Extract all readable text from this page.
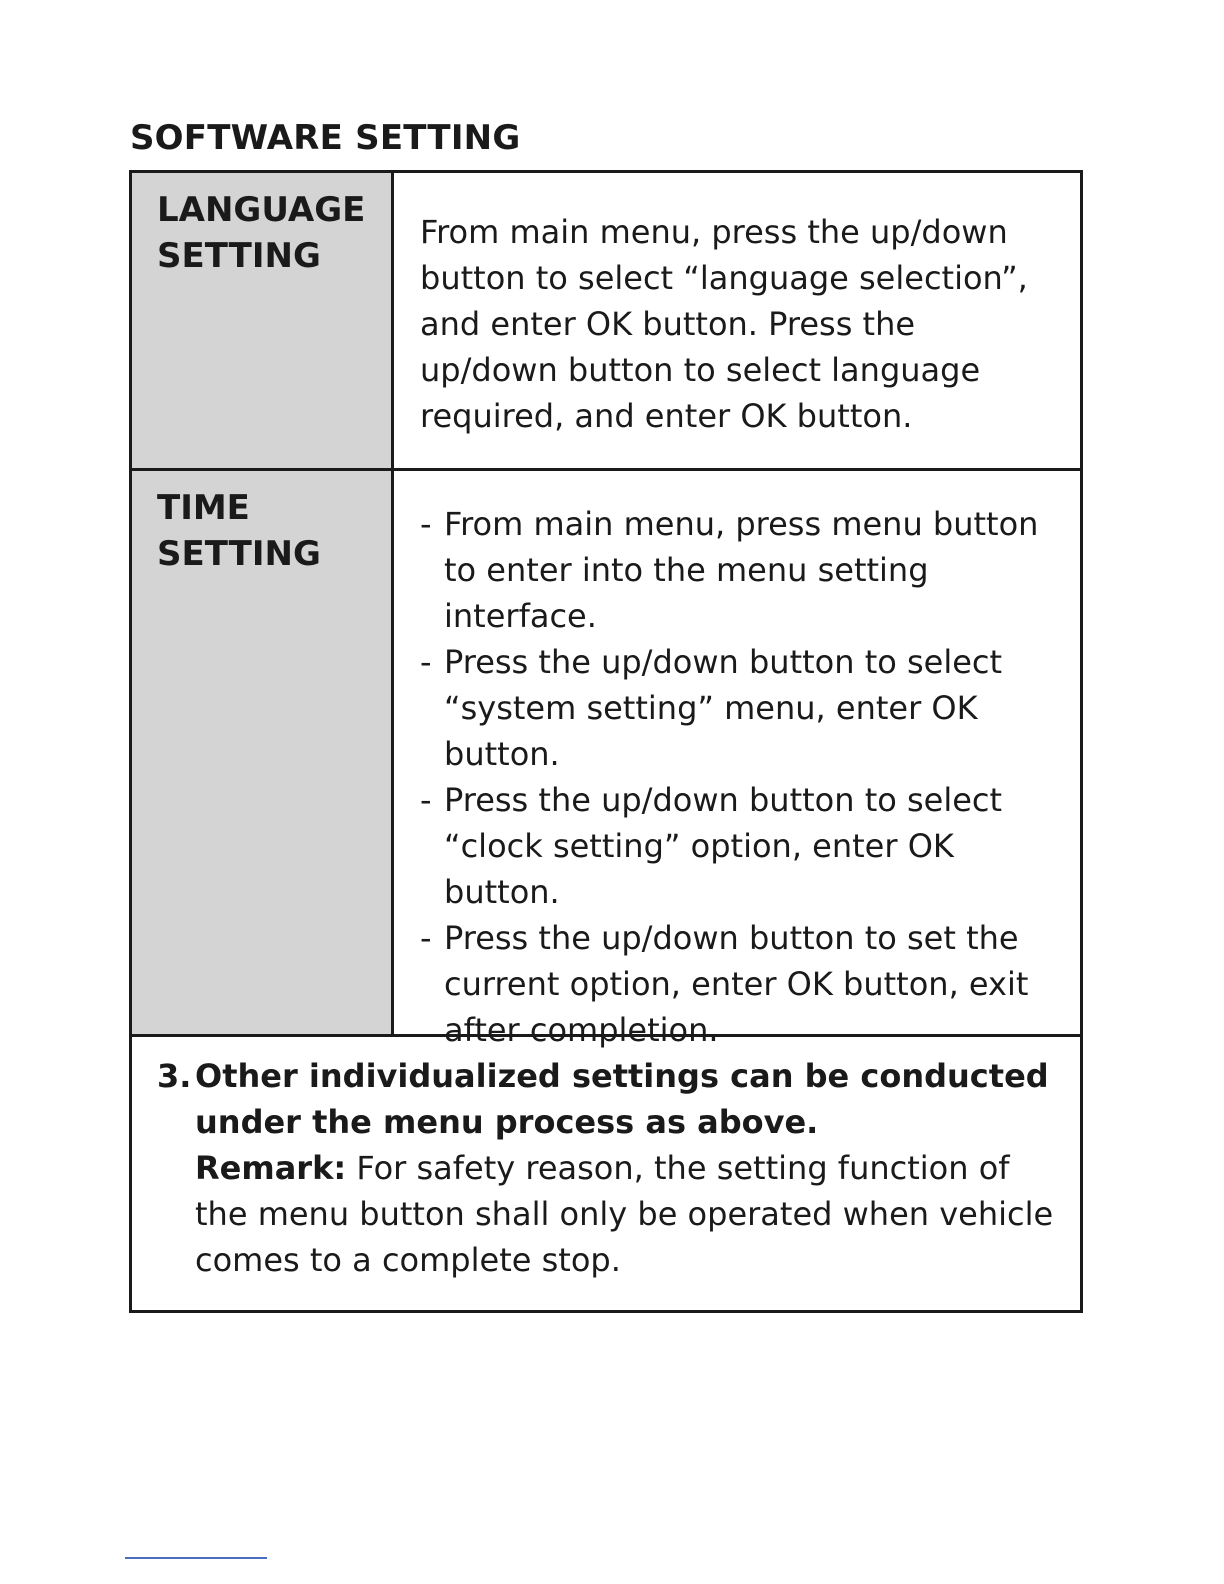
SOFTWARE SETTING
LANGUAGE
SETTING
From main menu, press the up/down button to select “language selection”, and enter OK button. Press the up/down button to select language required, and enter OK button.
TIME
SETTING

- From main menu, press menu button to enter into the menu setting interface.

- Press the up/down button to select “system setting” menu, enter OK button.

- Press the up/down button to select “clock setting” option, enter OK button.

- Press the up/down button to set the current option, enter OK button, exit after completion.

3. Other individualized settings can be conducted under the menu process as above.
Remark: For safety reason, the setting function of the menu button shall only be operated when vehicle comes to a complete stop.
